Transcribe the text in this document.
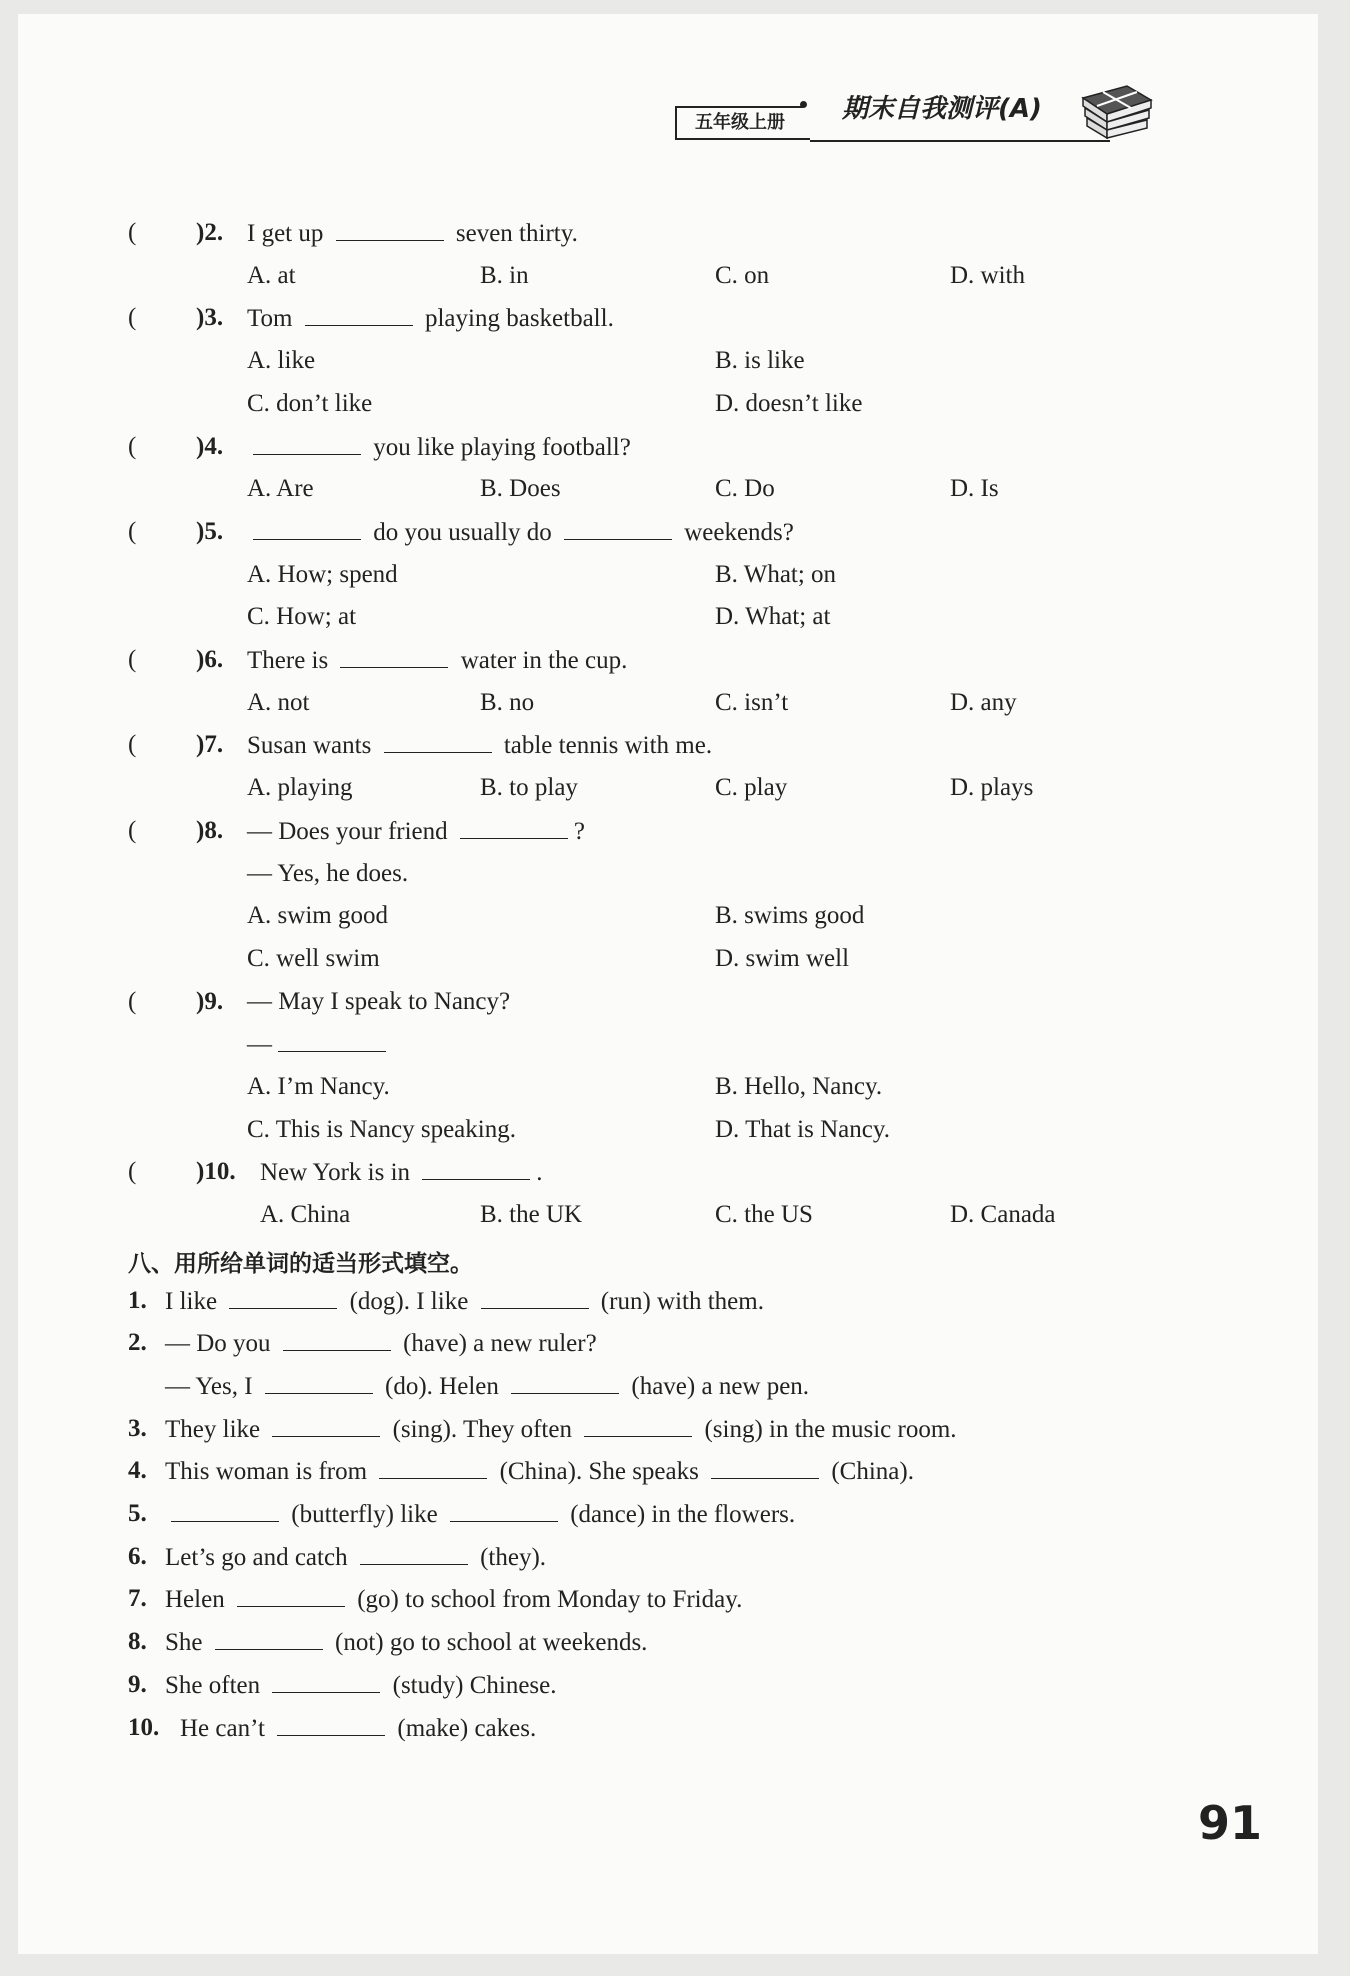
五年级上册	期末自我测评(A)
( )2. I get up	seven thirty.
A. at	B. in	C. on	D. with
( )3. Tom	playing basketball.
A. like	B. is like
C. don’t like	D. doesn’t like
( )4.	you like playing football?
A. Are	B. Does	C. Do	D. Is
( )5.	do you usually do	weekends?
A. How; spend	B. What; on
C. How; at	D. What; at
( )6. There is	water in the cup.
A. not	B. no	C. isn’t	D. any
( )7. Susan wants	table tennis with me.
A. playing	B. to play	C. play	D. plays
( )8. — Does your friend	?
— Yes, he does.
A. swim good	B. swims good
C. well swim	D. swim well
( )9. — May I speak to Nancy?
—
A. I’m Nancy.	B. Hello, Nancy.
C. This is Nancy speaking.	D. That is Nancy.
( )10. New York is in	.
A. China	B. the UK	C. the US	D. Canada
八、用所给单词的适当形式填空。
1. I like	(dog). I like	(run) with them.
2. — Do you	(have) a new ruler?
— Yes, I	(do). Helen	(have) a new pen.
3. They like	(sing). They often	(sing) in the music room.
4. This woman is from	(China). She speaks	(China).
5.	(butterfly) like	(dance) in the flowers.
6. Let’s go and catch	(they).
7. Helen	(go) to school from Monday to Friday.
8. She	(not) go to school at weekends.
9. She often	(study) Chinese.
10. He can’t	(make) cakes.
91
